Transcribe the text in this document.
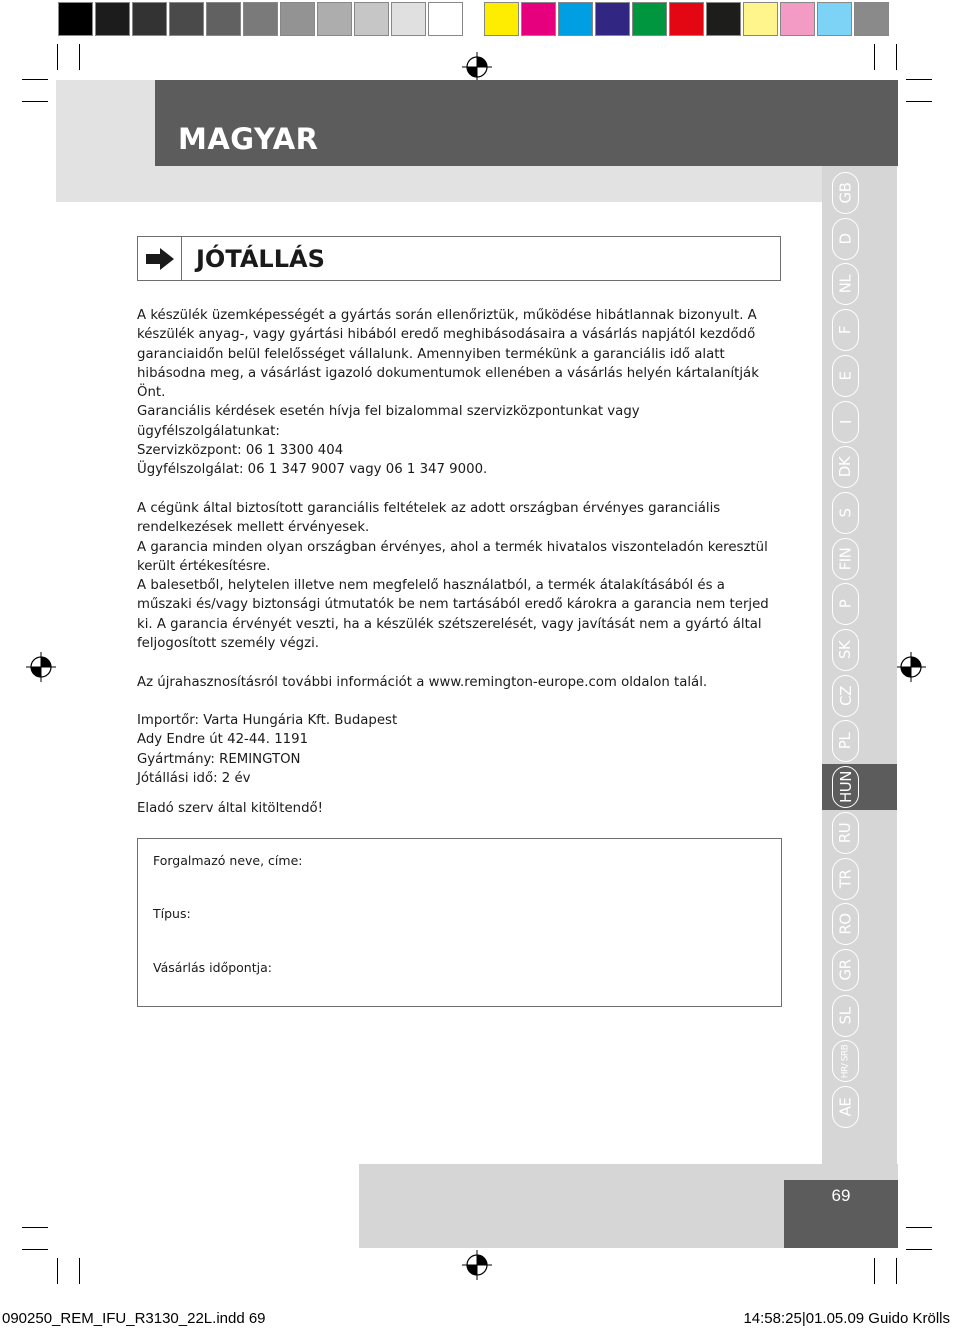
MAGYAR
GB
D
NL
F
E
I
DK
S
FIN
P
SK
CZ
PL
HUN
RU
TR
RO
GR
SL
HR/ SRB
AE
JÓTÁLLÁS

A készülék üzemképességét a gyártás során ellenőriztük, működése hibátlannak bizonyult. A

készülék anyag-, vagy gyártási hibából eredő meghibásodásaira a vásárlás napjától kezdődő

garanciaidőn belül felelősséget vállalunk. Amennyiben termékünk a garanciális idő alatt

hibásodna meg, a vásárlást igazoló dokumentumok ellenében a vásárlás helyén kártalanítják

Önt.

Garanciális kérdések esetén hívja fel bizalommal szervizközpontunkat vagy

ügyfélszolgálatunkat:

Szervizközpont: 06 1 3300 404

Ügyfélszolgálat: 06 1 347 9007 vagy 06 1 347 9000.

A cégünk által biztosított garanciális feltételek az adott országban érvényes garanciális

rendelkezések mellett érvényesek.

A garancia minden olyan országban érvényes, ahol a termék hivatalos viszonteladón keresztül

került értékesítésre.

A balesetből, helytelen illetve nem megfelelő használatból, a termék átalakításából és a

műszaki és/vagy biztonsági útmutatók be nem tartásából eredő károkra a garancia nem terjed

ki. A garancia érvényét veszti, ha a készülék szétszerelését, vagy javítását nem a gyártó által

feljogosított személy végzi.

Az újrahasznosításról további információt a www.remington-europe.com oldalon talál.

Importőr: Varta Hungária Kft. Budapest

Ady Endre út 42-44. 1191

Gyártmány: REMINGTON

Jótállási idő: 2 év

Eladó szerv által kitöltendő!

Forgalmazó neve, címe:
Típus:
Vásárlás időpontja:
69
090250_REM_IFU_R3130_22L.indd 69	14:58:25|01.05.09 Guido Krölls
